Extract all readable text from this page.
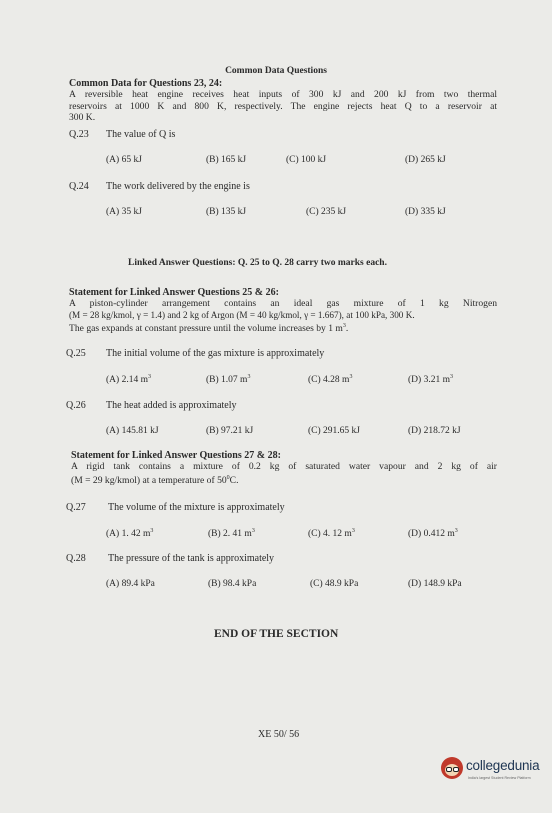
Common Data Questions
Common Data for Questions 23, 24:
A reversible heat engine receives heat inputs of 300 kJ and 200 kJ from two thermal
reservoirs at 1000 K and 800 K, respectively. The engine rejects heat Q to a reservoir at
300 K.
Q.23 The value of Q is
(A) 65 kJ	(B) 165 kJ	(C) 100 kJ	(D) 265 kJ
Q.24 The work delivered by the engine is
(A) 35 kJ	(B) 135 kJ	(C) 235 kJ	(D) 335 kJ
Linked Answer Questions: Q. 25 to Q. 28 carry two marks each.
Statement for Linked Answer Questions 25 & 26:
A piston-cylinder arrangement contains an ideal gas mixture of 1 kg Nitrogen
(M = 28 kg/kmol, γ = 1.4) and 2 kg of Argon (M = 40 kg/kmol, γ = 1.667), at 100 kPa, 300 K.
The gas expands at constant pressure until the volume increases by 1 $m^3$.
Q.25 The initial volume of the gas mixture is approximately
(A) 2.14 $m^3$	(B) 1.07 $m^3$	(C) 4.28 $m^3$	(D) 3.21 $m^3$
Q.26 The heat added is approximately
(A) 145.81 kJ	(B) 97.21 kJ	(C) 291.65 kJ	(D) 218.72 kJ
Statement for Linked Answer Questions 27 & 28:
A rigid tank contains a mixture of 0.2 kg of saturated water vapour and 2 kg of air
(M = 29 kg/kmol) at a temperature of $50^0C$.
Q.27 The volume of the mixture is approximately
(A) 1. 42 $m^3$	(B) 2. 41 $m^3$	(C) 4. 12 $m^3$	(D) 0.412 $m^3$
Q.28 The pressure of the tank is approximately
(A) 89.4 kPa	(B) 98.4 kPa	(C) 48.9 kPa	(D) 148.9 kPa
END OF THE SECTION
XE 50/ 56
collegedunia
India's largest Student Review Platform
